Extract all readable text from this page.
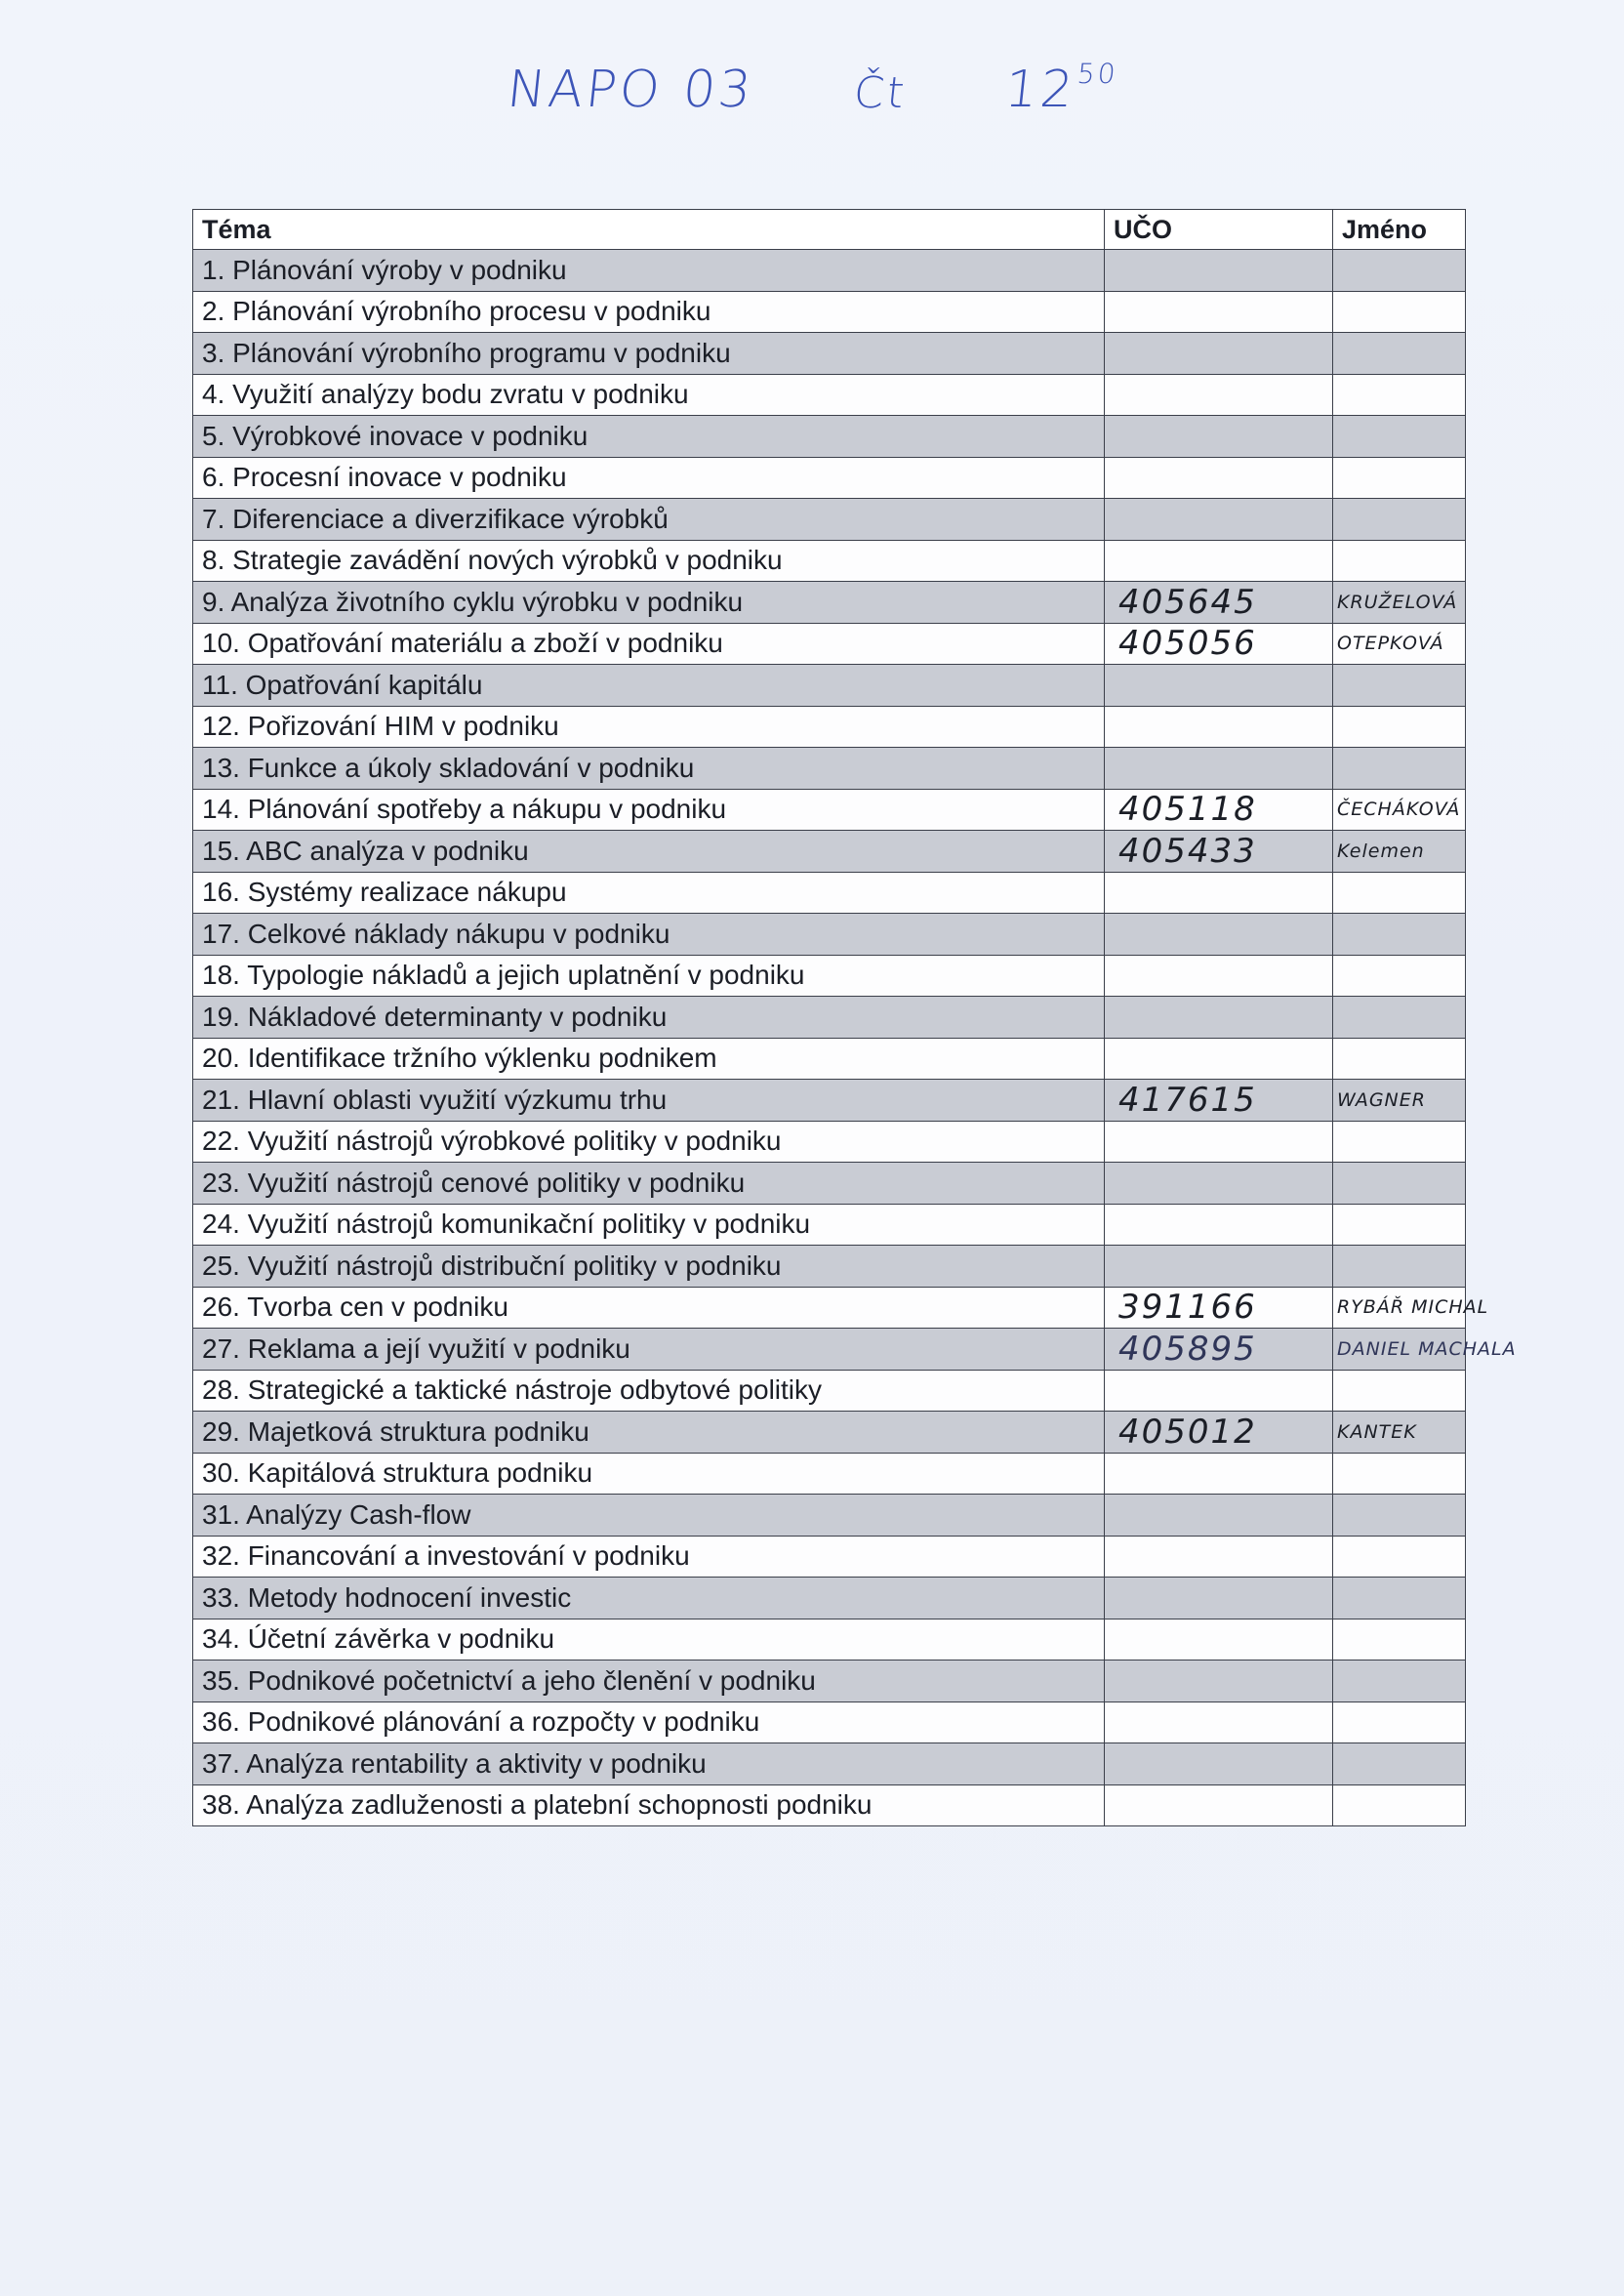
NAPO 03 Čt $12^{50}$
Téma	UČO	Jméno
1. Plánování výroby v podniku		
2. Plánování výrobního procesu v podniku		
3. Plánování výrobního programu v podniku		
4. Využití analýzy bodu zvratu v podniku		
5. Výrobkové inovace v podniku		
6. Procesní inovace v podniku		
7. Diferenciace a diverzifikace výrobků		
8. Strategie zavádění nových výrobků v podniku		
9. Analýza životního cyklu výrobku v podniku	405645	KRUŽELOVÁ
10. Opatřování materiálu a zboží v podniku	405056	OTEPKOVÁ
11. Opatřování kapitálu		
12. Pořizování HIM v podniku		
13. Funkce a úkoly skladování v podniku		
14. Plánování spotřeby a nákupu v podniku	405118	ČECHÁKOVÁ
15. ABC analýza v podniku	405433	Kelemen
16. Systémy realizace nákupu		
17. Celkové náklady nákupu v podniku		
18. Typologie nákladů a jejich uplatnění v podniku		
19. Nákladové determinanty v podniku		
20. Identifikace tržního výklenku podnikem		
21. Hlavní oblasti využití výzkumu trhu	417615	WAGNER
22. Využití nástrojů výrobkové politiky v podniku		
23. Využití nástrojů cenové politiky v podniku		
24. Využití nástrojů komunikační politiky v podniku		
25. Využití nástrojů distribuční politiky v podniku		
26. Tvorba cen v podniku	391166	RYBÁŘ MICHAL
27. Reklama a její využití v podniku	405895	DANIEL MACHALA
28. Strategické a taktické nástroje odbytové politiky		
29. Majetková struktura podniku	405012	KANTEK
30. Kapitálová struktura podniku		
31. Analýzy Cash-flow		
32. Financování a investování v podniku		
33. Metody hodnocení investic		
34. Účetní závěrka v podniku		
35. Podnikové početnictví a jeho členění v podniku		
36. Podnikové plánování a rozpočty v podniku		
37. Analýza rentability a aktivity v podniku		
38. Analýza zadluženosti a platební schopnosti podniku		
